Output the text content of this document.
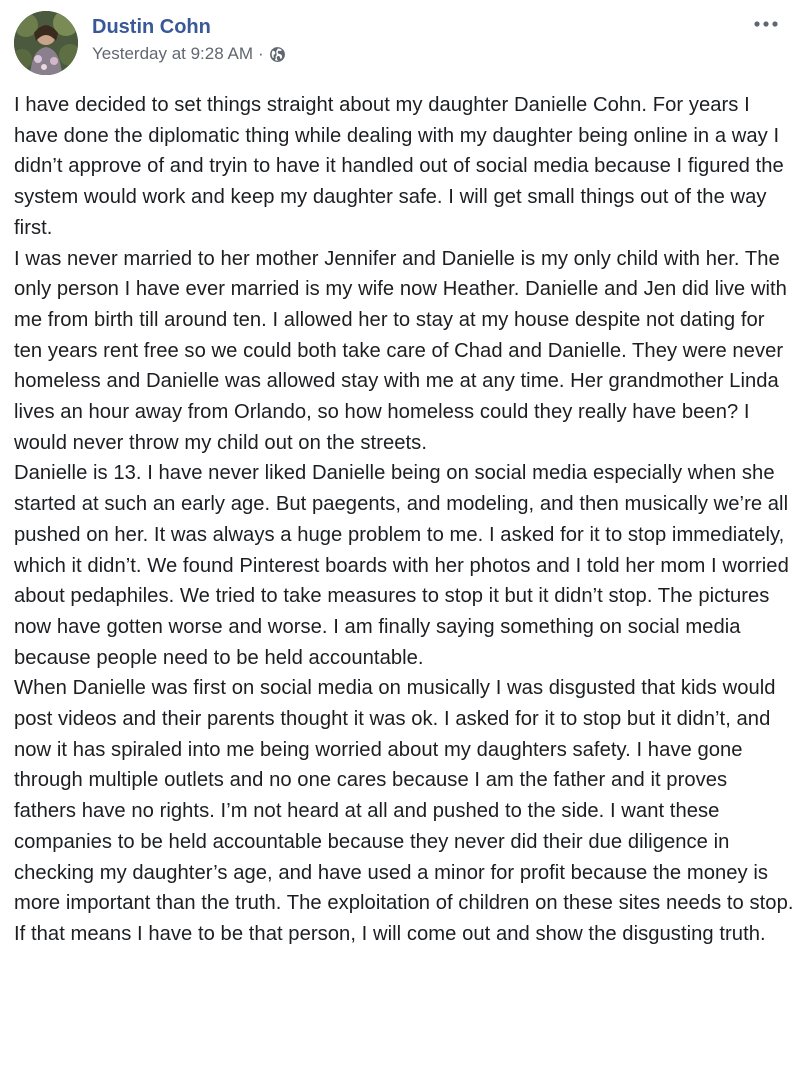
Dustin Cohn
Yesterday at 9:28 AM ·

I have decided to set things straight about my daughter Danielle Cohn. For years I have done the diplomatic thing while dealing with my daughter being online in a way I didn’t approve of and tryin to have it handled out of social media because I figured the system would work and keep my daughter safe. I will get small things out of the way first.

I was never married to her mother Jennifer and Danielle is my only child with her. The only person I have ever married is my wife now Heather. Danielle and Jen did live with me from birth till around ten. I allowed her to stay at my house despite not dating for ten years rent free so we could both take care of Chad and Danielle. They were never homeless and Danielle was allowed stay with me at any time. Her grandmother Linda lives an hour away from Orlando, so how homeless could they really have been? I would never throw my child out on the streets.

Danielle is 13. I have never liked Danielle being on social media especially when she started at such an early age. But paegents, and modeling, and then musically we’re all pushed on her. It was always a huge problem to me. I asked for it to stop immediately, which it didn’t. We found Pinterest boards with her photos and I told her mom I worried about pedaphiles. We tried to take measures to stop it but it didn’t stop. The pictures now have gotten worse and worse. I am finally saying something on social media because people need to be held accountable.

When Danielle was first on social media on musically I was disgusted that kids would post videos and their parents thought it was ok. I asked for it to stop but it didn’t, and now it has spiraled into me being worried about my daughters safety. I have gone through multiple outlets and no one cares because I am the father and it proves fathers have no rights. I’m not heard at all and pushed to the side. I want these companies to be held accountable because they never did their due diligence in checking my daughter’s age, and have used a minor for profit because the money is more important than the truth. The exploitation of children on these sites needs to stop. If that means I have to be that person, I will come out and show the disgusting truth.
